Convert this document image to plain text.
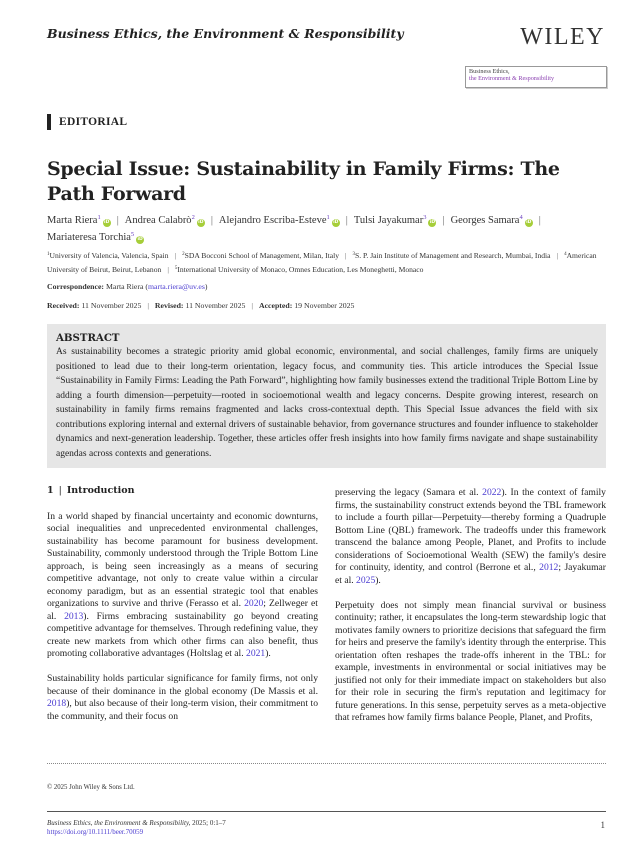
Business Ethics, the Environment & Responsibility	WILEY
Business Ethics,
the Environment & Responsibility
EDITORIAL
Special Issue: Sustainability in Family Firms: The Path Forward
Marta Riera$^1$iD | Andrea Calabrò$^2$iD | Alejandro Escriba-Esteve$^1$iD | Tulsi Jayakumar$^3$iD | Georges Samara$^4$iD |
Mariateresa Torchia$^5$iD
$^1$University of Valencia, Valencia, Spain | $^2$SDA Bocconi School of Management, Milan, Italy | $^3$S. P. Jain Institute of Management and Research, Mumbai, India | $^4$American University of Beirut, Beirut, Lebanon | $^5$International University of Monaco, Omnes Education, Les Moneghetti, Monaco
Correspondence: Marta Riera (marta.riera@uv.es)
Received: 11 November 2025 | Revised: 11 November 2025 | Accepted: 19 November 2025
ABSTRACT

As sustainability becomes a strategic priority amid global economic, environmental, and social challenges, family firms are uniquely positioned to lead due to their long-term orientation, legacy focus, and community ties. This article introduces the Special Issue “Sustainability in Family Firms: Leading the Path Forward”, highlighting how family businesses extend the traditional Triple Bottom Line by adding a fourth dimension—perpetuity—rooted in socioemotional wealth and legacy concerns. Despite growing interest, research on sustainability in family firms remains fragmented and lacks cross-contextual depth. This Special Issue advances the field with six contributions exploring internal and external drivers of sustainable behavior, from governance structures and founder influence to stakeholder dynamics and next-generation leadership. Together, these articles offer fresh insights into how family firms navigate and shape sustainability agendas across contexts and generations.

1 | Introduction

In a world shaped by financial uncertainty and economic downturns, social inequalities and unprecedented environmental challenges, sustainability has become paramount for business development. Sustainability, commonly understood through the Triple Bottom Line approach, is being seen increasingly as a means of securing competitive advantage, not only to create value within a circular economy paradigm, but as an essential strategic tool that enables organizations to survive and thrive (Ferasso et al. 2020; Zellweger et al. 2013). Firms embracing sustainability go beyond creating competitive advantage for themselves. Through redefining value, they create new markets from which other firms can also benefit, thus promoting collaborative advantages (Holtslag et al. 2021).

Sustainability holds particular significance for family firms, not only because of their dominance in the global economy (De Massis et al. 2018), but also because of their long-term vision, their commitment to the community, and their focus on

preserving the legacy (Samara et al. 2022). In the context of family firms, the sustainability construct extends beyond the TBL framework to include a fourth pillar—Perpetuity—thereby forming a Quadruple Bottom Line (QBL) framework. The tradeoffs under this framework transcend the balance among People, Planet, and Profits to include considerations of Socioemotional Wealth (SEW) the family's desire for continuity, identity, and control (Berrone et al., 2012; Jayakumar et al. 2025).

Perpetuity does not simply mean financial survival or business continuity; rather, it encapsulates the long-term stewardship logic that motivates family owners to prioritize decisions that safeguard the firm for heirs and preserve the family's identity through the enterprise. This orientation often reshapes the trade-offs inherent in the TBL: for example, investments in environmental or social initiatives may be justified not only for their immediate impact on stakeholders but also for their role in securing the firm's reputation and legitimacy for future generations. In this sense, perpetuity serves as a meta-objective that reframes how family firms balance People, Planet, and Profits,

© 2025 John Wiley & Sons Ltd.
Business Ethics, the Environment & Responsibility, 2025; 0:1–7
https://doi.org/10.1111/beer.70059
1
